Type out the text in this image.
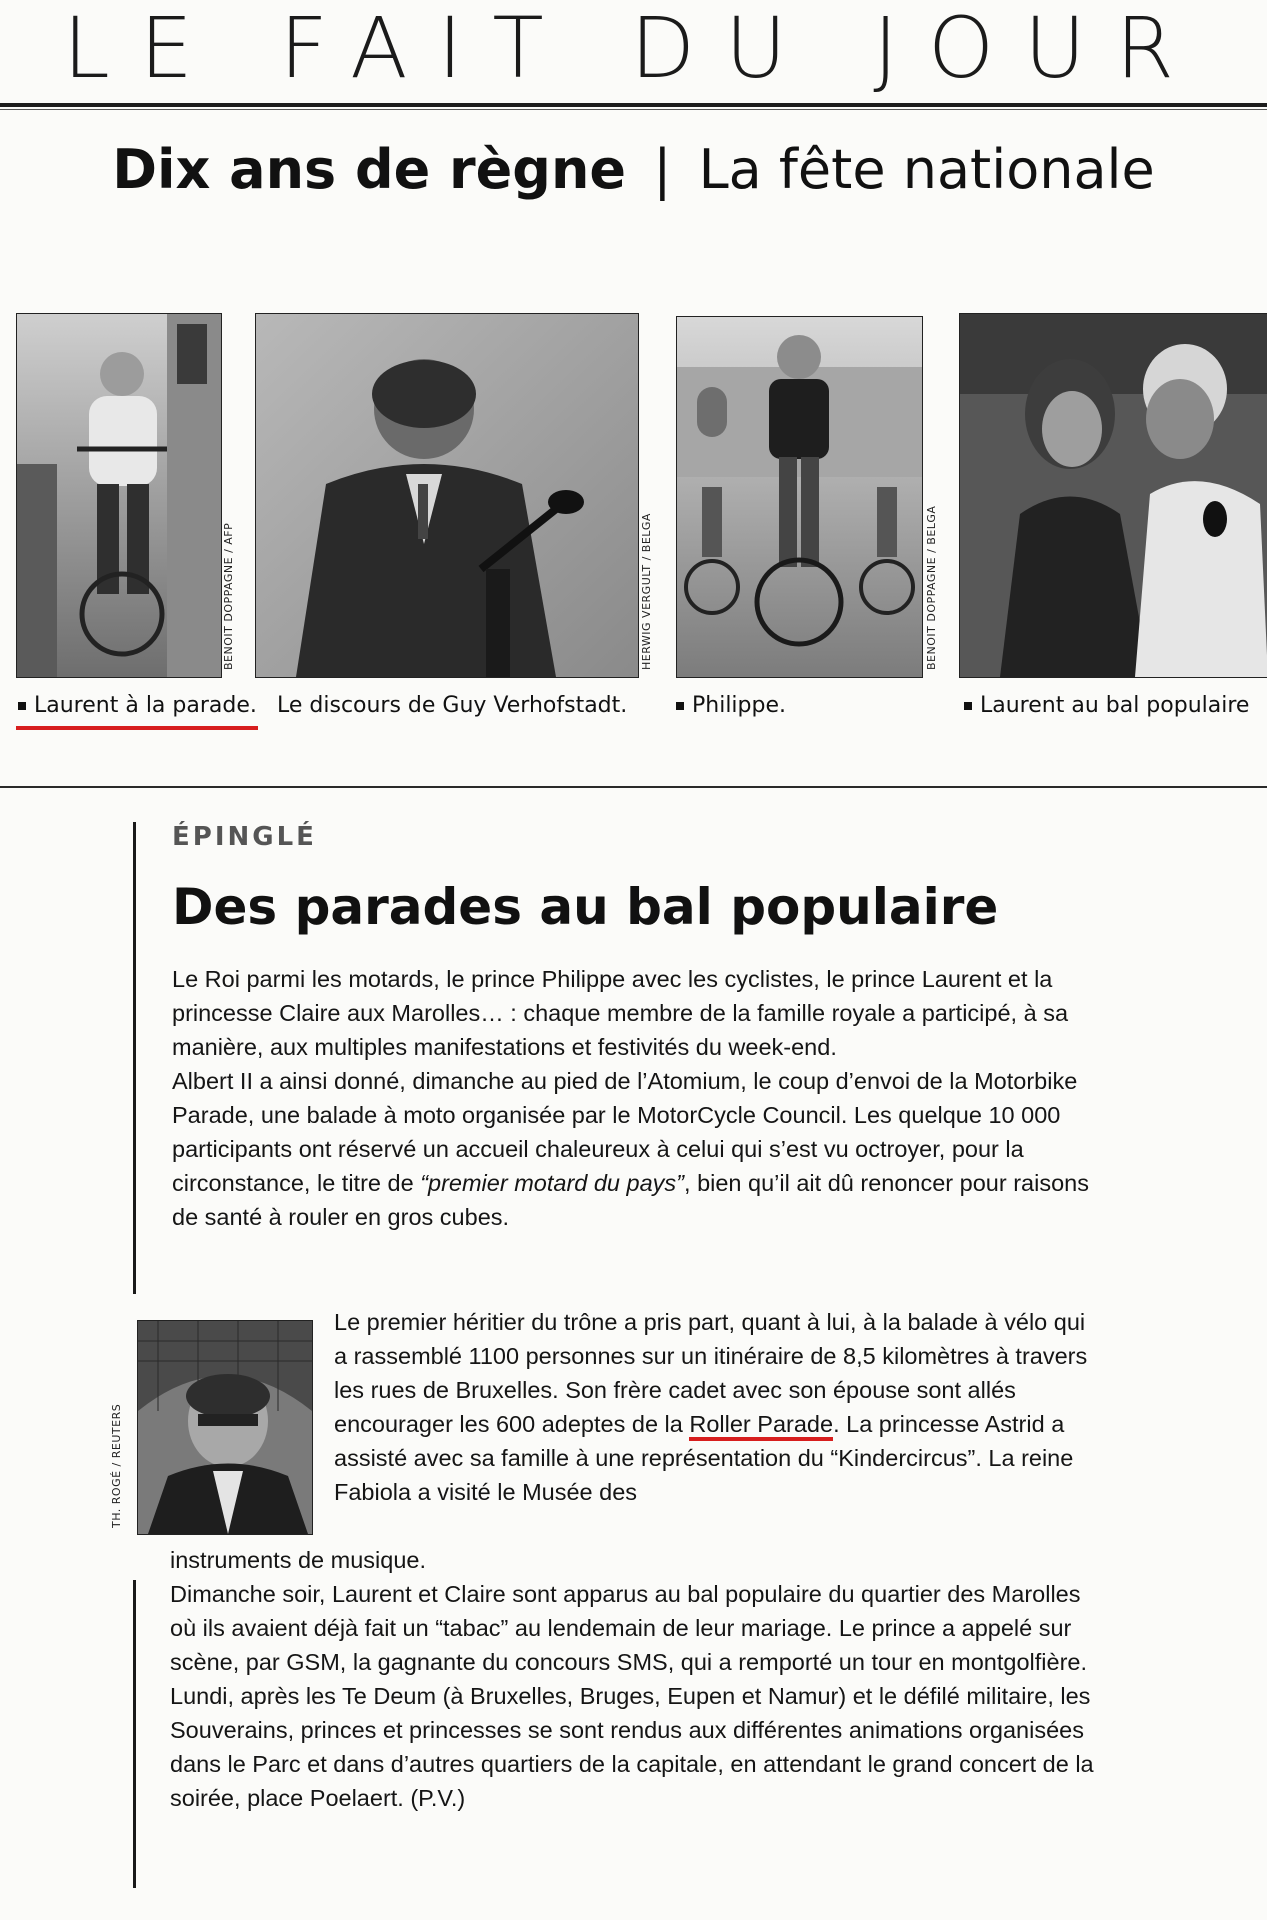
LE FAIT DU JOUR
Dix ans de règne | La fête nationale
BENOIT DOPPAGNE / AFP	HERWIG VERGULT / BELGA	BENOIT DOPPAGNE / BELGA
Laurent à la parade. Le discours de Guy Verhofstadt.	Philippe.	Laurent au bal populaire
ÉPINGLÉ
Des parades au bal populaire

Le Roi parmi les motards, le prince Philippe avec les cyclistes, le prince Laurent et la princesse Claire aux Marolles… : chaque membre de la famille royale a participé, à sa manière, aux multiples manifestations et festivités du week-end.

Albert II a ainsi donné, dimanche au pied de l’Atomium, le coup d’envoi de la Motorbike Parade, une balade à moto organisée par le MotorCycle Council. Les quelque 10 000 participants ont réservé un accueil chaleureux à celui qui s’est vu octroyer, pour la circonstance, le titre de “premier motard du pays”, bien qu’il ait dû renoncer pour raisons de santé à rouler en gros cubes.

TH. ROGÉ / REUTERS

Le premier héritier du trône a pris part, quant à lui, à la balade à vélo qui a rassemblé 1100 personnes sur un itinéraire de 8,5 kilomètres à travers les rues de Bruxelles. Son frère cadet avec son épouse sont allés encourager les 600 adeptes de la Roller Parade. La princesse Astrid a assisté avec sa famille à une représentation du “Kindercircus”. La reine Fabiola a visité le Musée des

instruments de musique.

Dimanche soir, Laurent et Claire sont apparus au bal populaire du quartier des Marolles où ils avaient déjà fait un “tabac” au lendemain de leur mariage. Le prince a appelé sur scène, par GSM, la gagnante du concours SMS, qui a remporté un tour en montgolfière.

Lundi, après les Te Deum (à Bruxelles, Bruges, Eupen et Namur) et le défilé militaire, les Souverains, princes et princesses se sont rendus aux différentes animations organisées dans le Parc et dans d’autres quartiers de la capitale, en attendant le grand concert de la soirée, place Poelaert. (P.V.)
